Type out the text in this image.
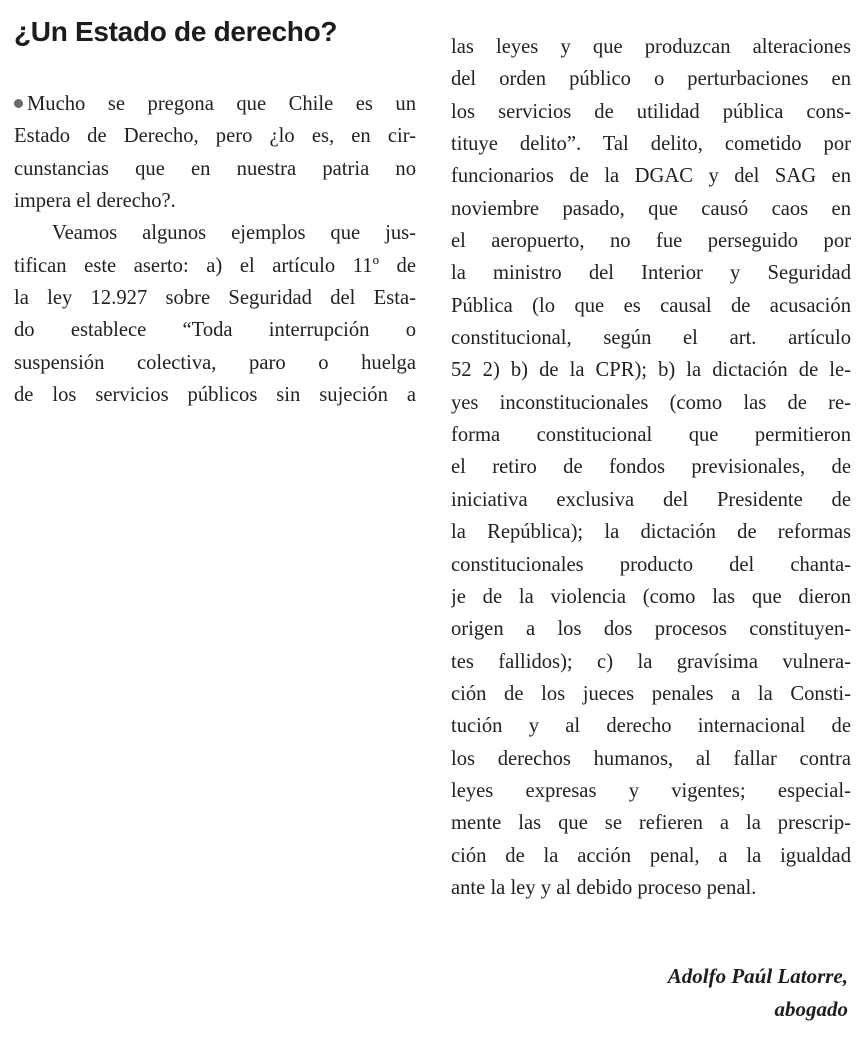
¿Un Estado de derecho?
Mucho se pregona que Chile es un
Estado de Derecho, pero ¿lo es, en cir-
cunstancias que en nuestra patria no
impera el derecho?.
Veamos algunos ejemplos que jus-
tifican este aserto: a) el artículo 11º de
la ley 12.927 sobre Seguridad del Esta-
do establece “Toda interrupción o
suspensión colectiva, paro o huelga
de los servicios públicos sin sujeción a
las leyes y que produzcan alteraciones
del orden público o perturbaciones en
los servicios de utilidad pública cons-
tituye delito”. Tal delito, cometido por
funcionarios de la DGAC y del SAG en
noviembre pasado, que causó caos en
el aeropuerto, no fue perseguido por
la ministro del Interior y Seguridad
Pública (lo que es causal de acusación
constitucional, según el art. artículo
52 2) b) de la CPR); b) la dictación de le-
yes inconstitucionales (como las de re-
forma constitucional que permitieron
el retiro de fondos previsionales, de
iniciativa exclusiva del Presidente de
la República); la dictación de reformas
constitucionales producto del chanta-
je de la violencia (como las que dieron
origen a los dos procesos constituyen-
tes fallidos); c) la gravísima vulnera-
ción de los jueces penales a la Consti-
tución y al derecho internacional de
los derechos humanos, al fallar contra
leyes expresas y vigentes; especial-
mente las que se refieren a la prescrip-
ción de la acción penal, a la igualdad
ante la ley y al debido proceso penal.
Adolfo Paúl Latorre,
abogado
